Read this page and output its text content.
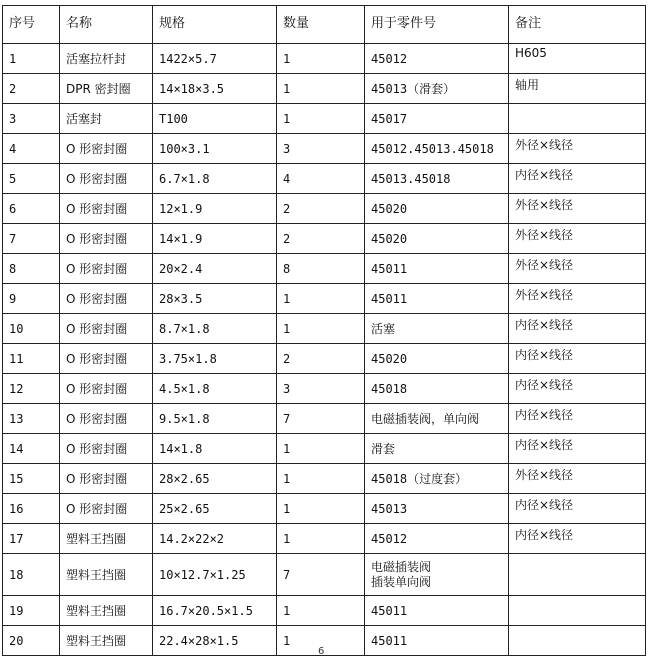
序号	名称	规格	数量	用于零件号	备注
1	活塞拉杆封	1422×5.7	1	45012	H605
2	DPR 密封圈	14×18×3.5	1	45013（滑套）	轴用
3	活塞封	T100	1	45017	
4	O 形密封圈	100×3.1	3	45012.45013.45018	外径×线径
5	O 形密封圈	6.7×1.8	4	45013.45018	内径×线径
6	O 形密封圈	12×1.9	2	45020	外径×线径
7	O 形密封圈	14×1.9	2	45020	外径×线径
8	O 形密封圈	20×2.4	8	45011	外径×线径
9	O 形密封圈	28×3.5	1	45011	外径×线径
10	O 形密封圈	8.7×1.8	1	活塞	内径×线径
11	O 形密封圈	3.75×1.8	2	45020	内径×线径
12	O 形密封圈	4.5×1.8	3	45018	内径×线径
13	O 形密封圈	9.5×1.8	7	电磁插装阀，单向阀	内径×线径
14	O 形密封圈	14×1.8	1	滑套	内径×线径
15	O 形密封圈	28×2.65	1	45018（过度套）	外径×线径
16	O 形密封圈	25×2.65	1	45013	内径×线径
17	塑料王挡圈	14.2×22×2	1	45012	内径×线径
18	塑料王挡圈	10×12.7×1.25	7	电磁插装阀
插装单向阀	

19	塑料王挡圈	16.7×20.5×1.5	1	45011	
20	塑料王挡圈	22.4×28×1.5	1	45011	
6
